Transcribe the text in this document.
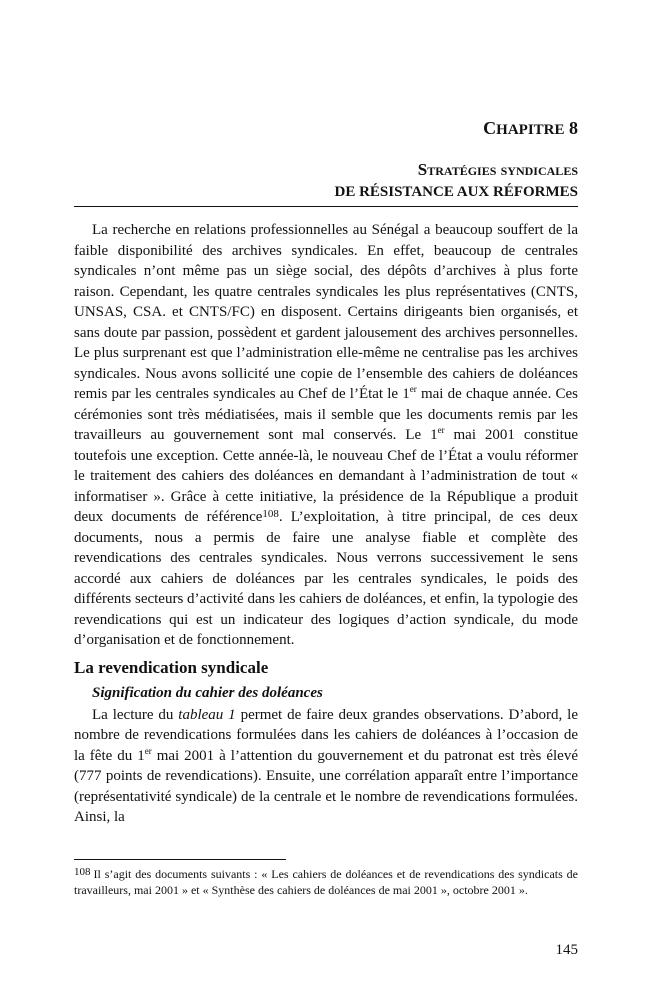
CHAPITRE 8
Stratégies syndicales
DE RÉSISTANCE AUX RÉFORMES

La recherche en relations professionnelles au Sénégal a beaucoup souffert de la faible disponibilité des archives syndicales. En effet, beaucoup de centrales syndicales n’ont même pas un siège social, des dépôts d’archives à plus forte raison. Cependant, les quatre centrales syndicales les plus représentatives (CNTS, UNSAS, CSA. et CNTS/FC) en disposent. Certains dirigeants bien organisés, et sans doute par passion, possèdent et gardent jalousement des archives personnelles. Le plus surprenant est que l’administration elle-même ne centralise pas les archives syndicales. Nous avons sollicité une copie de l’ensemble des cahiers de doléances remis par les centrales syndicales au Chef de l’État le 1er mai de chaque année. Ces cérémonies sont très médiatisées, mais il semble que les documents remis par les travailleurs au gouvernement sont mal conservés. Le 1er mai 2001 constitue toutefois une exception. Cette année-là, le nouveau Chef de l’État a voulu réformer le traitement des cahiers des doléances en demandant à l’administration de tout « informatiser ». Grâce à cette initiative, la présidence de la République a produit deux documents de référence$^{108}$. L’exploitation, à titre principal, de ces deux documents, nous a permis de faire une analyse fiable et complète des revendications des centrales syndicales. Nous verrons successivement le sens accordé aux cahiers de doléances par les centrales syndicales, le poids des différents secteurs d’activité dans les cahiers de doléances, et enfin, la typologie des revendications qui est un indicateur des logiques d’action syndicale, du mode d’organisation et de fonctionnement.

La revendication syndicale
Signification du cahier des doléances

La lecture du tableau 1 permet de faire deux grandes observations. D’abord, le nombre de revendications formulées dans les cahiers de doléances à l’occasion de la fête du 1er mai 2001 à l’attention du gouvernement et du patronat est très élevé (777 points de revendications). Ensuite, une corrélation apparaît entre l’importance (représentativité syndicale) de la centrale et le nombre de revendications formulées. Ainsi, la

108 Il s’agit des documents suivants : « Les cahiers de doléances et de revendications des syndicats de travailleurs, mai 2001 » et « Synthèse des cahiers de doléances de mai 2001 », octobre 2001 ».
145
